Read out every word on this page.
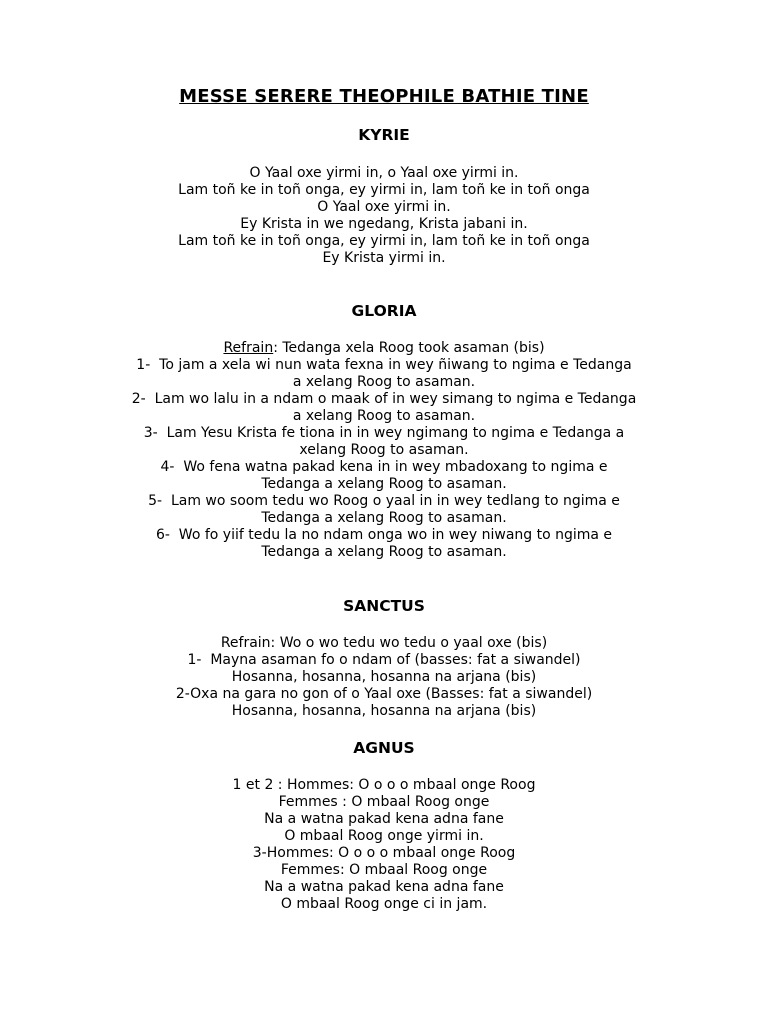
MESSE SERERE THEOPHILE BATHIE TINE
KYRIE
O Yaal oxe yirmi in, o Yaal oxe yirmi in.
Lam toñ ke in toñ onga, ey yirmi in, lam toñ ke in toñ onga
O Yaal oxe yirmi in.
Ey Krista in we ngedang, Krista jabani in.
Lam toñ ke in toñ onga, ey yirmi in, lam toñ ke in toñ onga
Ey Krista yirmi in.
GLORIA
Refrain: Tedanga xela Roog took asaman (bis)
1-  To jam a xela wi nun wata fexna in wey ñiwang to ngima e Tedanga
a xelang Roog to asaman.
2-  Lam wo lalu in a ndam o maak of in wey simang to ngima e Tedanga
a xelang Roog to asaman.
3-  Lam Yesu Krista fe tiona in in wey ngimang to ngima e Tedanga a
xelang Roog to asaman.
4-  Wo fena watna pakad kena in in wey mbadoxang to ngima e
Tedanga a xelang Roog to asaman.
5-  Lam wo soom tedu wo Roog o yaal in in wey tedlang to ngima e
Tedanga a xelang Roog to asaman.
6-  Wo fo yiif tedu la no ndam onga wo in wey niwang to ngima e
Tedanga a xelang Roog to asaman.
SANCTUS
Refrain: Wo o wo tedu wo tedu o yaal oxe (bis)
1-  Mayna asaman fo o ndam of (basses: fat a siwandel)
Hosanna, hosanna, hosanna na arjana (bis)
2-Oxa na gara no gon of o Yaal oxe (Basses: fat a siwandel)
Hosanna, hosanna, hosanna na arjana (bis)
AGNUS
1 et 2 : Hommes: O o o o mbaal onge Roog
Femmes : O mbaal Roog onge
Na a watna pakad kena adna fane
O mbaal Roog onge yirmi in.
3-Hommes: O o o o mbaal onge Roog
Femmes: O mbaal Roog onge
Na a watna pakad kena adna fane
O mbaal Roog onge ci in jam.
